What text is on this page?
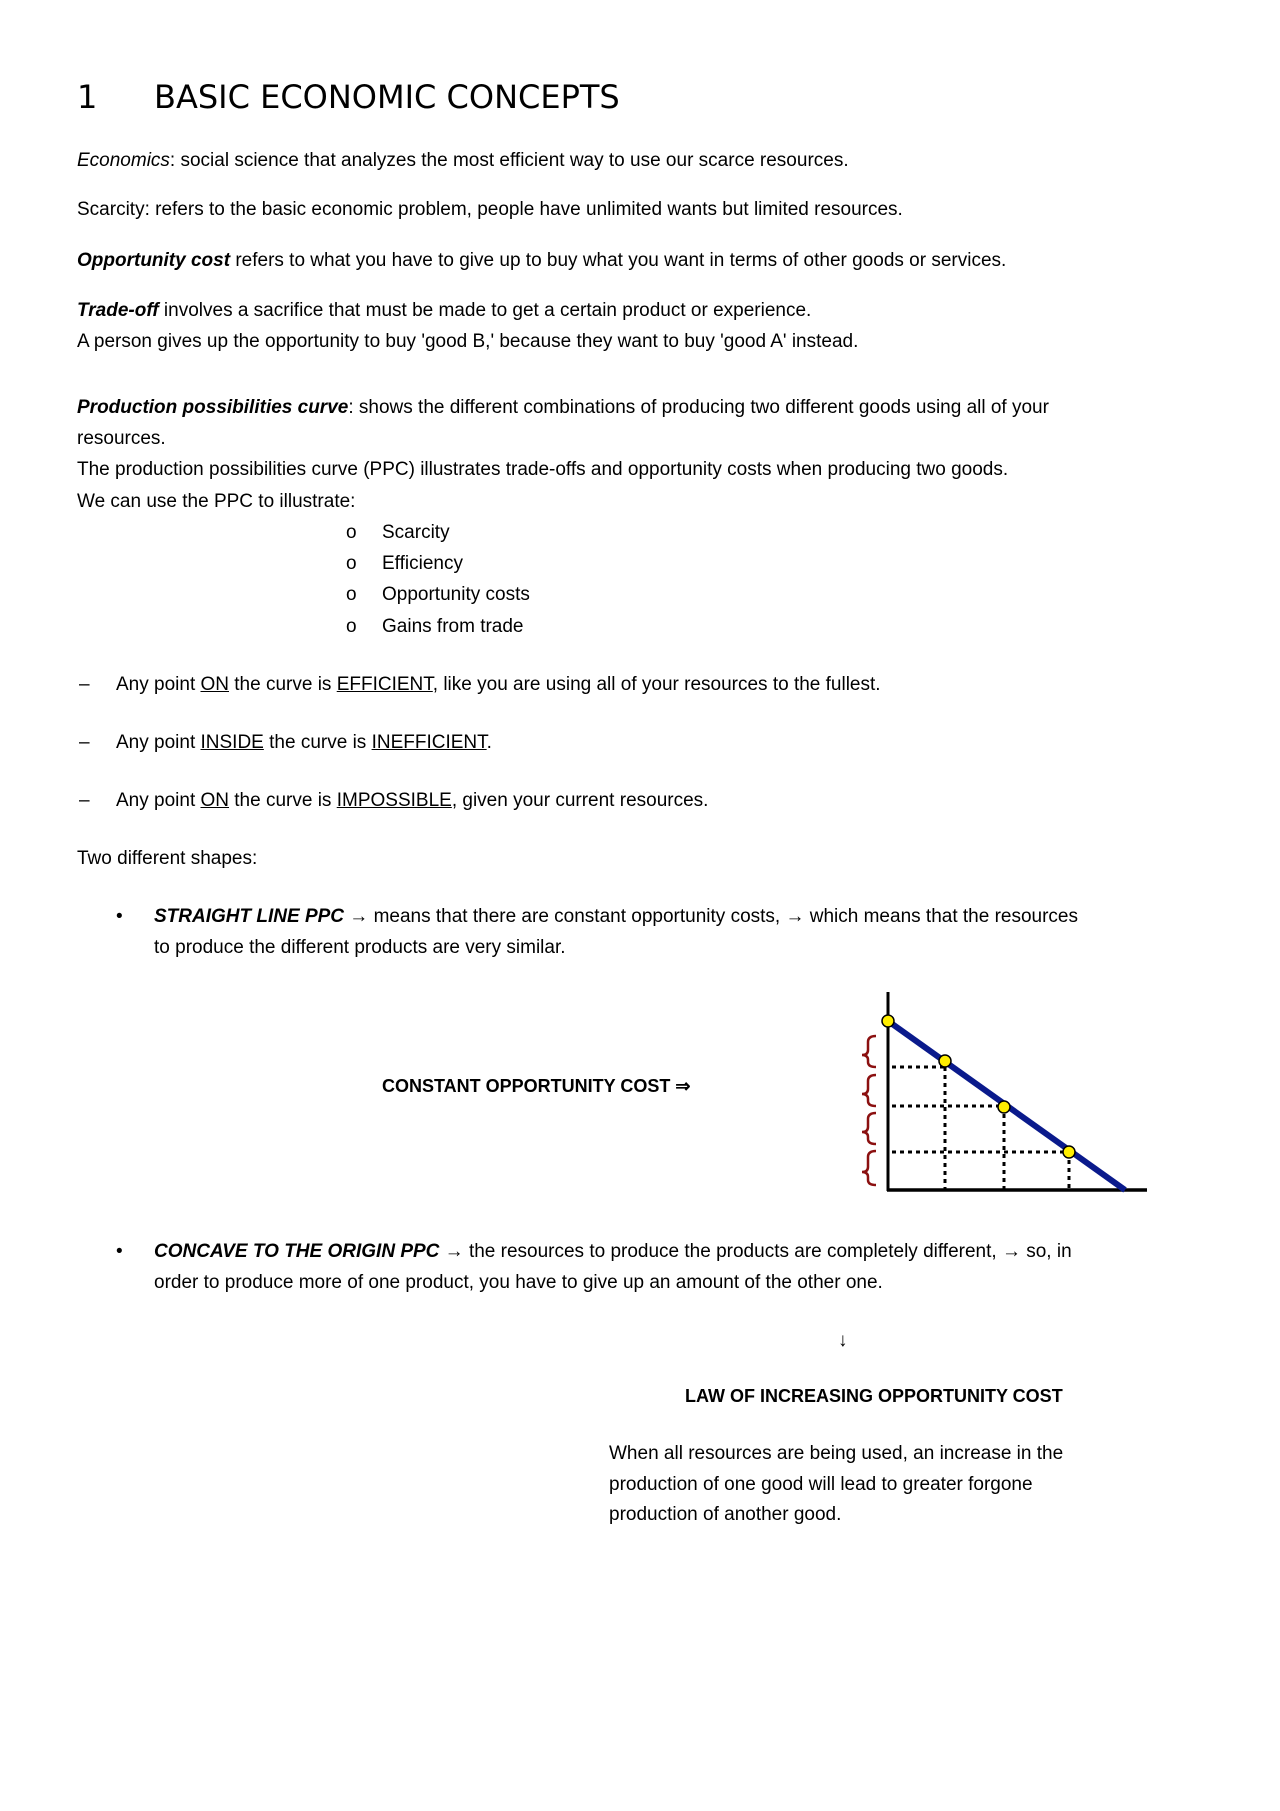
1 BASIC ECONOMIC CONCEPTS
Economics: social science that analyzes the most efficient way to use our scarce resources.
Scarcity: refers to the basic economic problem, people have unlimited wants but limited resources.
Opportunity cost refers to what you have to give up to buy what you want in terms of other goods or services.
Trade-off involves a sacrifice that must be made to get a certain product or experience.
A person gives up the opportunity to buy 'good B,' because they want to buy 'good A' instead.
Production possibilities curve: shows the different combinations of producing two different goods using all of your
resources.
The production possibilities curve (PPC) illustrates trade-offs and opportunity costs when producing two goods.
We can use the PPC to illustrate:
o Scarcity
o Efficiency
o Opportunity costs
o Gains from trade
– Any point ON the curve is EFFICIENT, like you are using all of your resources to the fullest.
– Any point INSIDE the curve is INEFFICIENT.
– Any point ON the curve is IMPOSSIBLE, given your current resources.
Two different shapes:
• STRAIGHT LINE PPC → means that there are constant opportunity costs, → which means that the resources
to produce the different products are very similar.
CONSTANT OPPORTUNITY COST ⇒
• CONCAVE TO THE ORIGIN PPC → the resources to produce the products are completely different, → so, in
order to produce more of one product, you have to give up an amount of the other one.
↓
LAW OF INCREASING OPPORTUNITY COST
When all resources are being used, an increase in the
production of one good will lead to greater forgone
production of another good.
